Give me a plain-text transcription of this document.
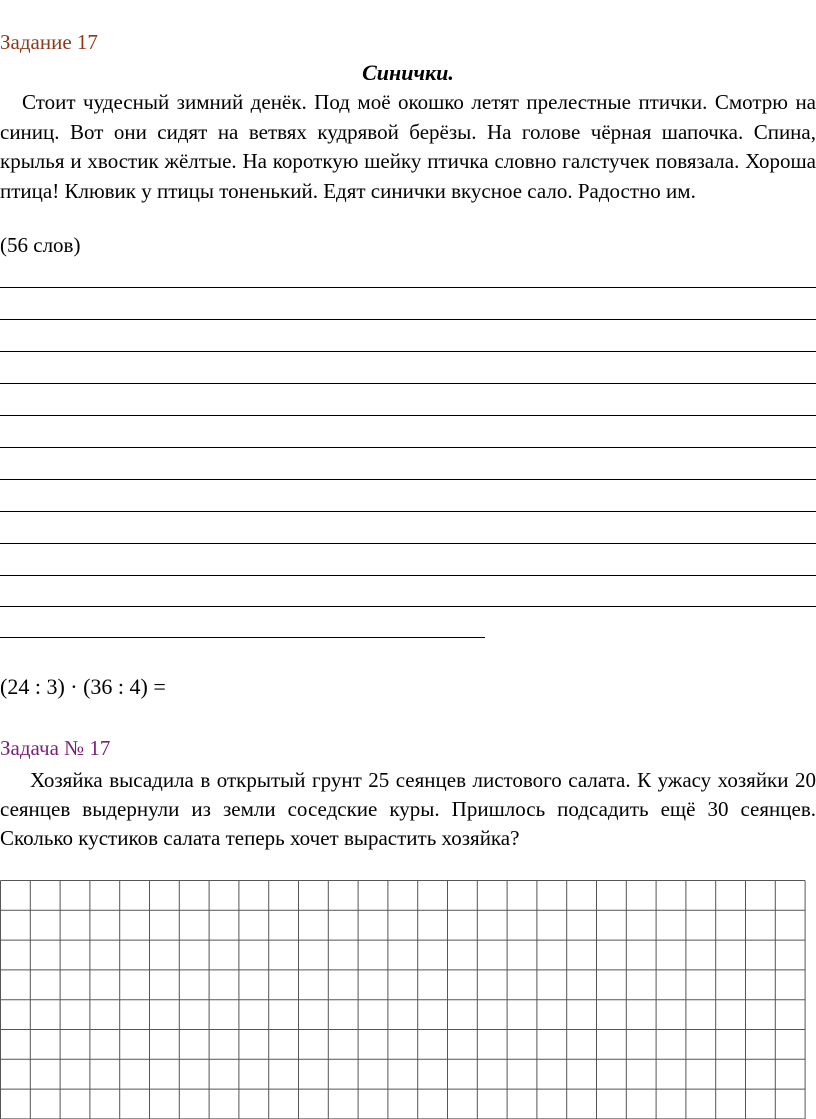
Задание 17
Синички.

Стоит чудесный зимний денёк. Под моё окошко летят прелестные птички. Смотрю на синиц. Вот они сидят на ветвях кудрявой берёзы. На голове чёрная шапочка. Спина, крылья и хвостик жёлтые. На короткую шейку птичка словно галстучек повязала. Хороша птица! Клювик у птицы тоненький. Едят синички вкусное сало. Радостно им.

(56 слов)
(24 : 3) · (36 : 4) =
Задача № 17

Хозяйка высадила в открытый грунт 25 сеянцев листового салата. К ужасу хозяйки 20 сеянцев выдернули из земли соседские куры. Пришлось подсадить ещё 30 сеянцев. Сколько кустиков салата теперь хочет вырастить хозяйка?
